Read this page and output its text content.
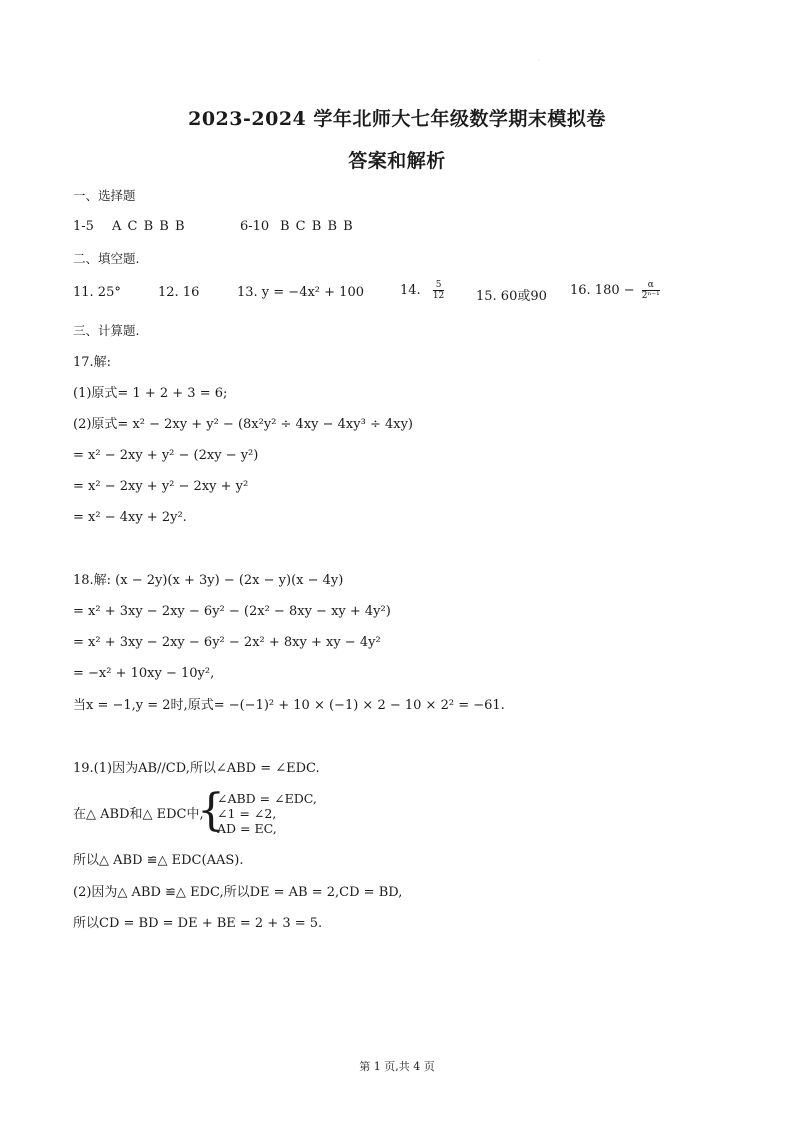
·
2023-2024 学年北师大七年级数学期末模拟卷
答案和解析
一、选择题
1-5 A C B B B	6-10 B C B B B
二、填空题.
11. 25°	12. 16	13. y = −4x² + 100	14. $\frac{5}{12} 15$. 60或90 16. $180 - \frac{\alpha}{\text{2ⁿ⁻¹}}$
三、计算题.
17.解:
(1)原式= 1 + 2 + 3 = 6;
(2)原式= x² − 2xy + y² − (8x²y² ÷ 4xy − 4xy³ ÷ 4xy)
= x² − 2xy + y² − (2xy − y²)
= x² − 2xy + y² − 2xy + y²
= x² − 4xy + 2y².
18.解: (x − 2y)(x + 3y) − (2x − y)(x − 4y)
= x² + 3xy − 2xy − 6y² − (2x² − 8xy − xy + 4y²)
= x² + 3xy − 2xy − 6y² − 2x² + 8xy + xy − 4y²
= −x² + 10xy − 10y²,
当x = −1,y = 2时,原式= −(−1)² + 10 × (−1) × 2 − 10 × 2² = −61.
19.(1)因为AB//CD,所以∠ABD = ∠EDC.
在△ ABD和△ EDC中,
{
∠ABD = ∠EDC,
∠1 = ∠2,
AD = EC,
所以△ ABD ≌△ EDC(AAS).
(2)因为△ ABD ≌△ EDC,所以DE = AB = 2,CD = BD,
所以CD = BD = DE + BE = 2 + 3 = 5.
第 1 页,共 4 页
